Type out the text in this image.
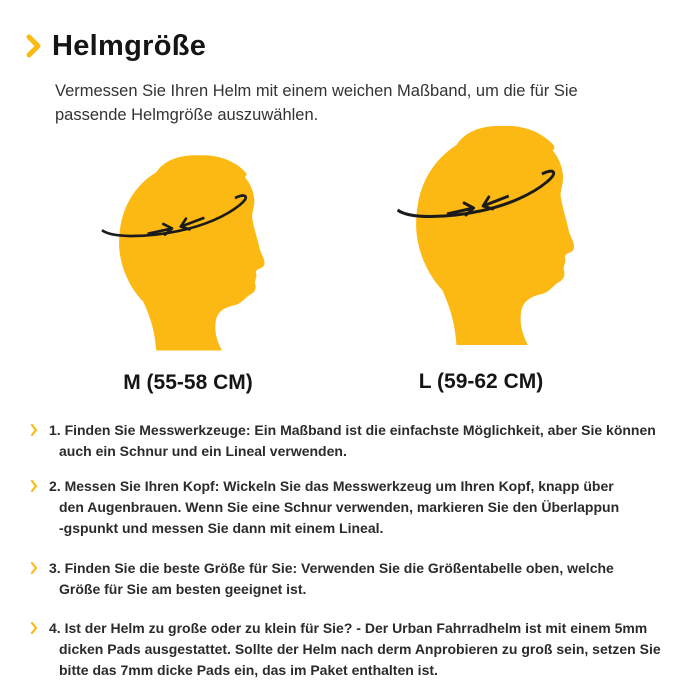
Helmgröße
Vermessen Sie Ihren Helm mit einem weichen Maßband, um die für Sie
passende Helmgröße auszuwählen.
M (55-58 CM)	L (59-62 CM)
1. Finden Sie Messwerkzeuge: Ein Maßband ist die einfachste Möglichkeit, aber Sie können
auch ein Schnur und ein Lineal verwenden.
2. Messen Sie Ihren Kopf: Wickeln Sie das Messwerkzeug um Ihren Kopf, knapp über
den Augenbrauen. Wenn Sie eine Schnur verwenden, markieren Sie den Überlappun
-gspunkt und messen Sie dann mit einem Lineal.
3. Finden Sie die beste Größe für Sie: Verwenden Sie die Größentabelle oben, welche
Größe für Sie am besten geeignet ist.
4. Ist der Helm zu große oder zu klein für Sie? - Der Urban Fahrradhelm ist mit einem 5mm
dicken Pads ausgestattet. Sollte der Helm nach derm Anprobieren zu groß sein, setzen Sie
bitte das 7mm dicke Pads ein, das im Paket enthalten ist.
